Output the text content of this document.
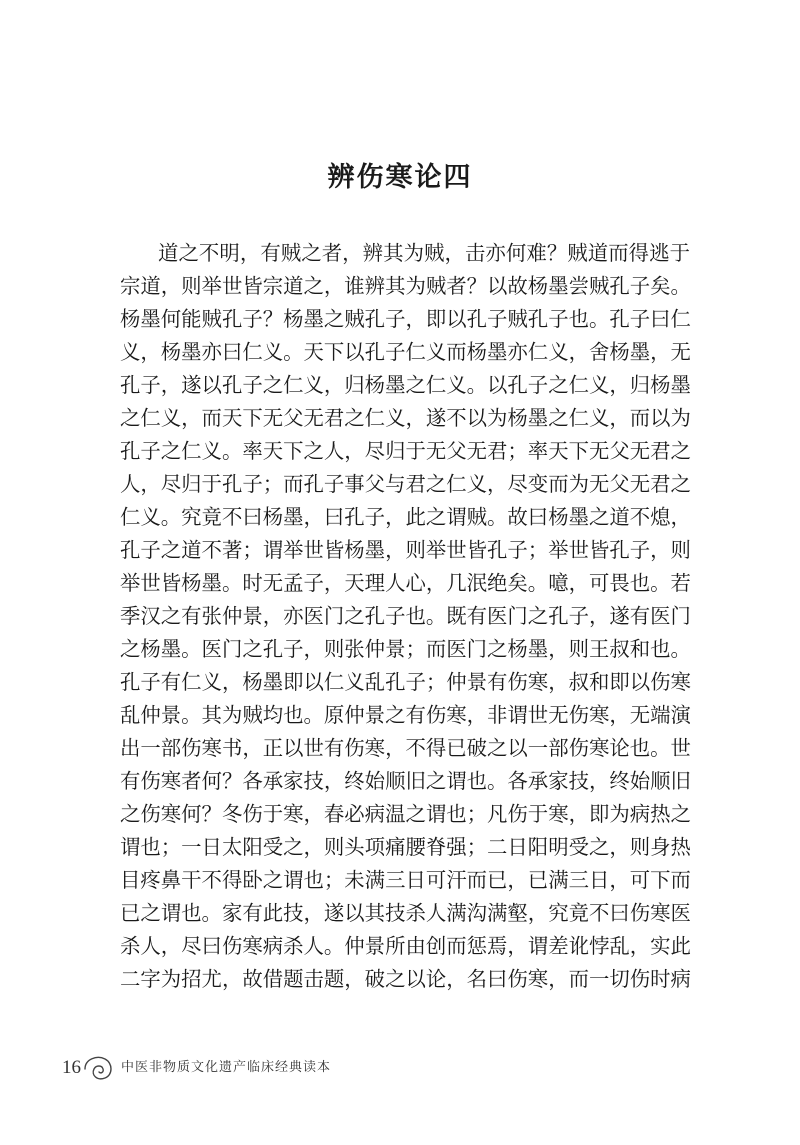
辨伤寒论四
道之不明，有贼之者，辨其为贼，击亦何难？贼道而得逃于
宗道，则举世皆宗道之，谁辨其为贼者？以故杨墨尝贼孔子矣。
杨墨何能贼孔子？杨墨之贼孔子，即以孔子贼孔子也。孔子曰仁
义，杨墨亦曰仁义。天下以孔子仁义而杨墨亦仁义，舍杨墨，无
孔子，遂以孔子之仁义，归杨墨之仁义。以孔子之仁义，归杨墨
之仁义，而天下无父无君之仁义，遂不以为杨墨之仁义，而以为
孔子之仁义。率天下之人，尽归于无父无君；率天下无父无君之
人，尽归于孔子；而孔子事父与君之仁义，尽变而为无父无君之
仁义。究竟不曰杨墨，曰孔子，此之谓贼。故曰杨墨之道不熄，
孔子之道不著；谓举世皆杨墨，则举世皆孔子；举世皆孔子，则
举世皆杨墨。时无孟子，天理人心，几泯绝矣。噫，可畏也。若
季汉之有张仲景，亦医门之孔子也。既有医门之孔子，遂有医门
之杨墨。医门之孔子，则张仲景；而医门之杨墨，则王叔和也。
孔子有仁义，杨墨即以仁义乱孔子；仲景有伤寒，叔和即以伤寒
乱仲景。其为贼均也。原仲景之有伤寒，非谓世无伤寒，无端演
出一部伤寒书，正以世有伤寒，不得已破之以一部伤寒论也。世
有伤寒者何？各承家技，终始顺旧之谓也。各承家技，终始顺旧
之伤寒何？冬伤于寒，春必病温之谓也；凡伤于寒，即为病热之
谓也；一日太阳受之，则头项痛腰脊强；二日阳明受之，则身热
目疼鼻干不得卧之谓也；未满三日可汗而已，已满三日，可下而
已之谓也。家有此技，遂以其技杀人满沟满壑，究竟不曰伤寒医
杀人，尽曰伤寒病杀人。仲景所由创而惩焉，谓差讹悖乱，实此
二字为招尤，故借题击题，破之以论，名曰伤寒，而一切伤时病
16	中医非物质文化遗产临床经典读本
